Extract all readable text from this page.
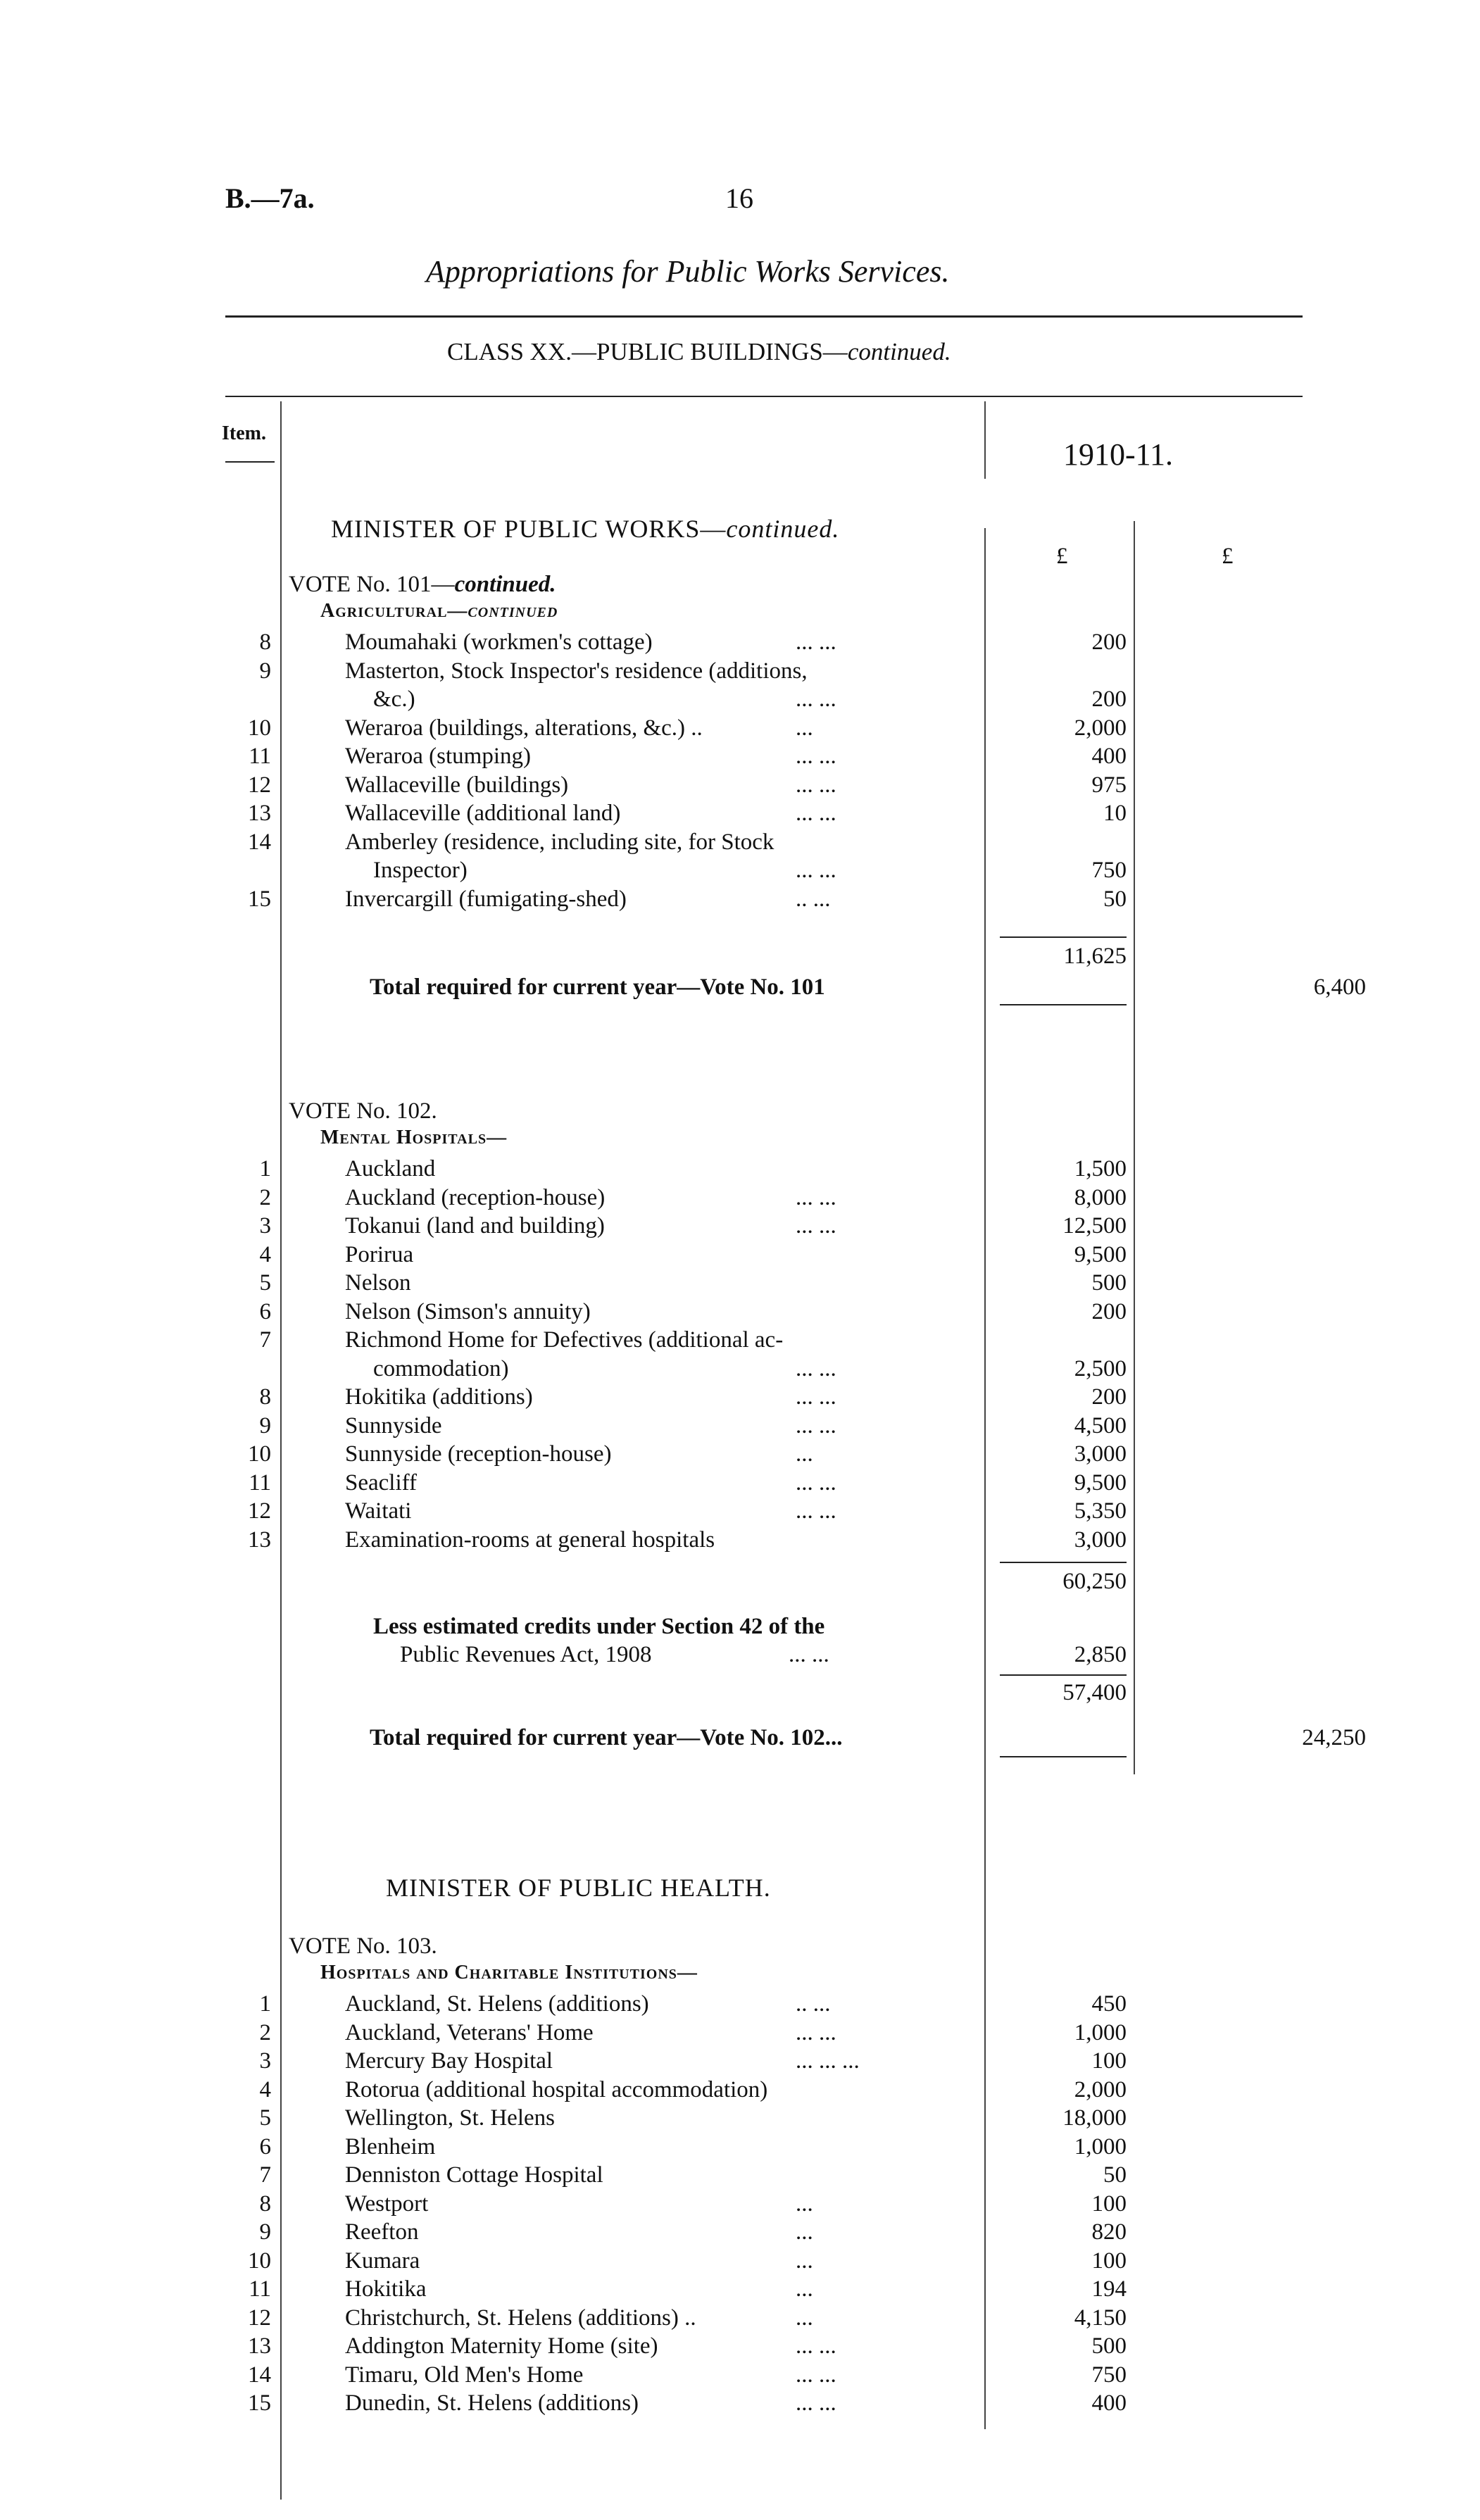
B.—7a.	16
Appropriations for Public Works Services.
CLASS XX.—PUBLIC BUILDINGS—continued.
Item.
1910-11.
MINISTER OF PUBLIC WORKS—continued.
£	£
VOTE No. 101—continued.
Agricultural—continued
8	Moumahaki (workmen's cottage)	... ...	200
9	Masterton, Stock Inspector's residence (additions,
&c.)	... ...	200
10	Weraroa (buildings, alterations, &c.) ..	...	2,000
11	Weraroa (stumping)	... ...	400
12	Wallaceville (buildings)	... ...	975
13	Wallaceville (additional land)	... ...	10
14	Amberley (residence, including site, for Stock
Inspector)	... ...	750
15	Invercargill (fumigating-shed)	.. ...	50
11,625
Total required for current year—Vote No. 101	6,400
VOTE No. 102.
Mental Hospitals—
1	Auckland	1,500
2	Auckland (reception-house)	... ...	8,000
3	Tokanui (land and building)	... ...	12,500
4	Porirua	9,500
5	Nelson	500
6	Nelson (Simson's annuity)	200
7	Richmond Home for Defectives (additional ac-
commodation)	... ...	2,500
8	Hokitika (additions)	... ...	200
9	Sunnyside	... ...	4,500
10	Sunnyside (reception-house)	...	3,000
11	Seacliff	... ...	9,500
12	Waitati	... ...	5,350
13	Examination-rooms at general hospitals	3,000
60,250
Less estimated credits under Section 42 of the
Public Revenues Act, 1908	... ...	2,850
57,400
Total required for current year—Vote No. 102...	24,250
MINISTER OF PUBLIC HEALTH.
VOTE No. 103.
Hospitals and Charitable Institutions—
1	Auckland, St. Helens (additions)	.. ...	450
2	Auckland, Veterans' Home	... ...	1,000
3	Mercury Bay Hospital	... ... ...	100
4	Rotorua (additional hospital accommodation)	2,000
5	Wellington, St. Helens	18,000
6	Blenheim	1,000
7	Denniston Cottage Hospital	50
8	Westport	...	100
9	Reefton	...	820
10	Kumara	...	100
11	Hokitika	...	194
12	Christchurch, St. Helens (additions) ..	...	4,150
13	Addington Maternity Home (site)	... ...	500
14	Timaru, Old Men's Home	... ...	750
15	Dunedin, St. Helens (additions)	... ...	400
